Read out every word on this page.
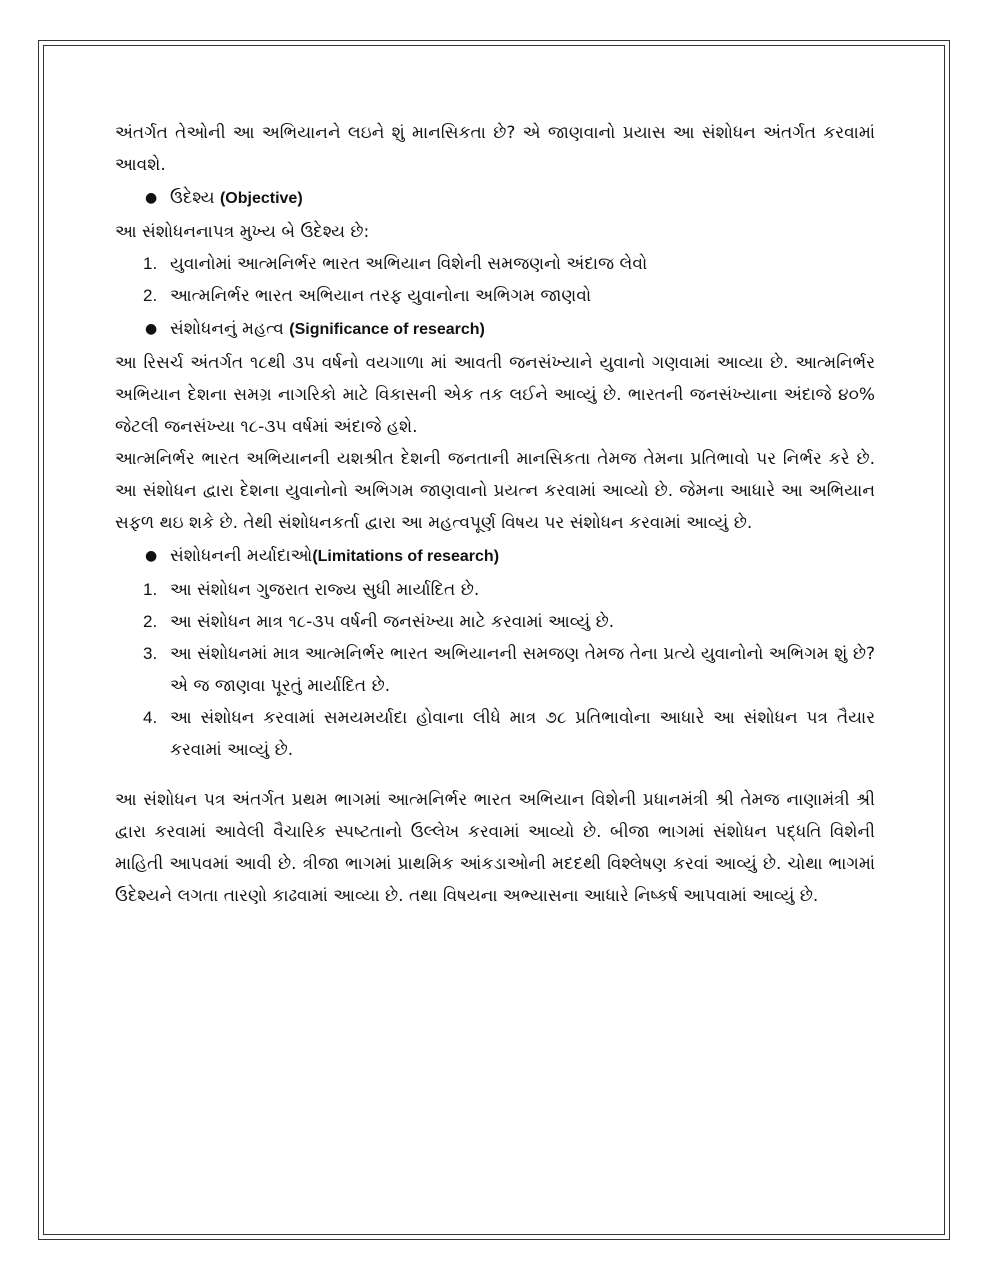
અંતર્ગત તેઓની આ અભિયાનને લઇને શું માનસિકતા છે? એ જાણવાનો પ્રયાસ આ સંશોધન અંતર્ગત કરવામાં આવશે.

● ઉદેશ્ય (Objective)

આ સંશોધનનાપત્ર મુખ્ય બે ઉદેશ્ય છે:

1. યુવાનોમાં આત્મનિર્ભર ભારત અભિયાન વિશેની સમજણનો અંદાજ લેવો
2. આત્મનિર્ભર ભારત અભિયાન તરફ યુવાનોના અભિગમ જાણવો
● સંશોધનનું મહત્વ (Significance of research)

આ રિસર્ચ અંતર્ગત ૧૮થી ૩૫ વર્ષનો વયગાળા માં આવતી જનસંખ્યાને યુવાનો ગણવામાં આવ્યા છે. આત્મનિર્ભર અભિયાન દેશના સમગ્ર નાગરિકો માટે વિકાસની એક તક લઈને આવ્યું છે. ભારતની જનસંખ્યાના અંદાજે ૪૦% જેટલી જનસંખ્યા ૧૮-૩૫ વર્ષમાં અંદાજે હશે.

આત્મનિર્ભર ભારત અભિયાનની યશશ્રીત દેશની જનતાની માનસિકતા તેમજ તેમના પ્રતિભાવો પર નિર્ભર કરે છે. આ સંશોધન દ્વારા દેશના યુવાનોનો અભિગમ જાણવાનો પ્રયત્ન કરવામાં આવ્યો છે. જેમના આધારે આ અભિયાન સફળ થઇ શકે છે. તેથી સંશોધનકર્તા દ્વારા આ મહત્વપૂર્ણ વિષય પર સંશોધન કરવામાં આવ્યું છે.

● સંશોધનની મર્યાદાઓ(Limitations of research)
1. આ સંશોધન ગુજરાત રાજ્ય સુધી માર્યાદિત છે.
2. આ સંશોધન માત્ર ૧૮-૩૫ વર્ષની જનસંખ્યા માટે કરવામાં આવ્યું છે.
3. આ સંશોધનમાં માત્ર આત્મનિર્ભર ભારત અભિયાનની સમજણ તેમજ તેના પ્રત્યે યુવાનોનો અભિગમ શું છે? એ જ જાણવા પૂરતું માર્યાદિત છે.
4. આ સંશોધન કરવામાં સમયમર્યાદા હોવાના લીધે માત્ર ૭૮ પ્રતિભાવોના આધારે આ સંશોધન પત્ર તૈયાર કરવામાં આવ્યું છે.

આ સંશોધન પત્ર અંતર્ગત પ્રથમ ભાગમાં આત્મનિર્ભર ભારત અભિયાન વિશેની પ્રધાનમંત્રી શ્રી તેમજ નાણામંત્રી શ્રી દ્વારા કરવામાં આવેલી વૈચારિક સ્પષ્ટતાનો ઉલ્લેખ કરવામાં આવ્યો છે. બીજા ભાગમાં સંશોધન પદ્ધતિ વિશેની માહિતી આપવમાં આવી છે. ત્રીજા ભાગમાં પ્રાથમિક આંકડાઓની મદદથી વિશ્લેષણ કરવાં આવ્યું છે. ચોથા ભાગમાં ઉદેશ્યને લગતા તારણો કાઢવામાં આવ્યા છે. તથા વિષયના અભ્યાસના આધારે નિષ્કર્ષ આપવામાં આવ્યું છે.
